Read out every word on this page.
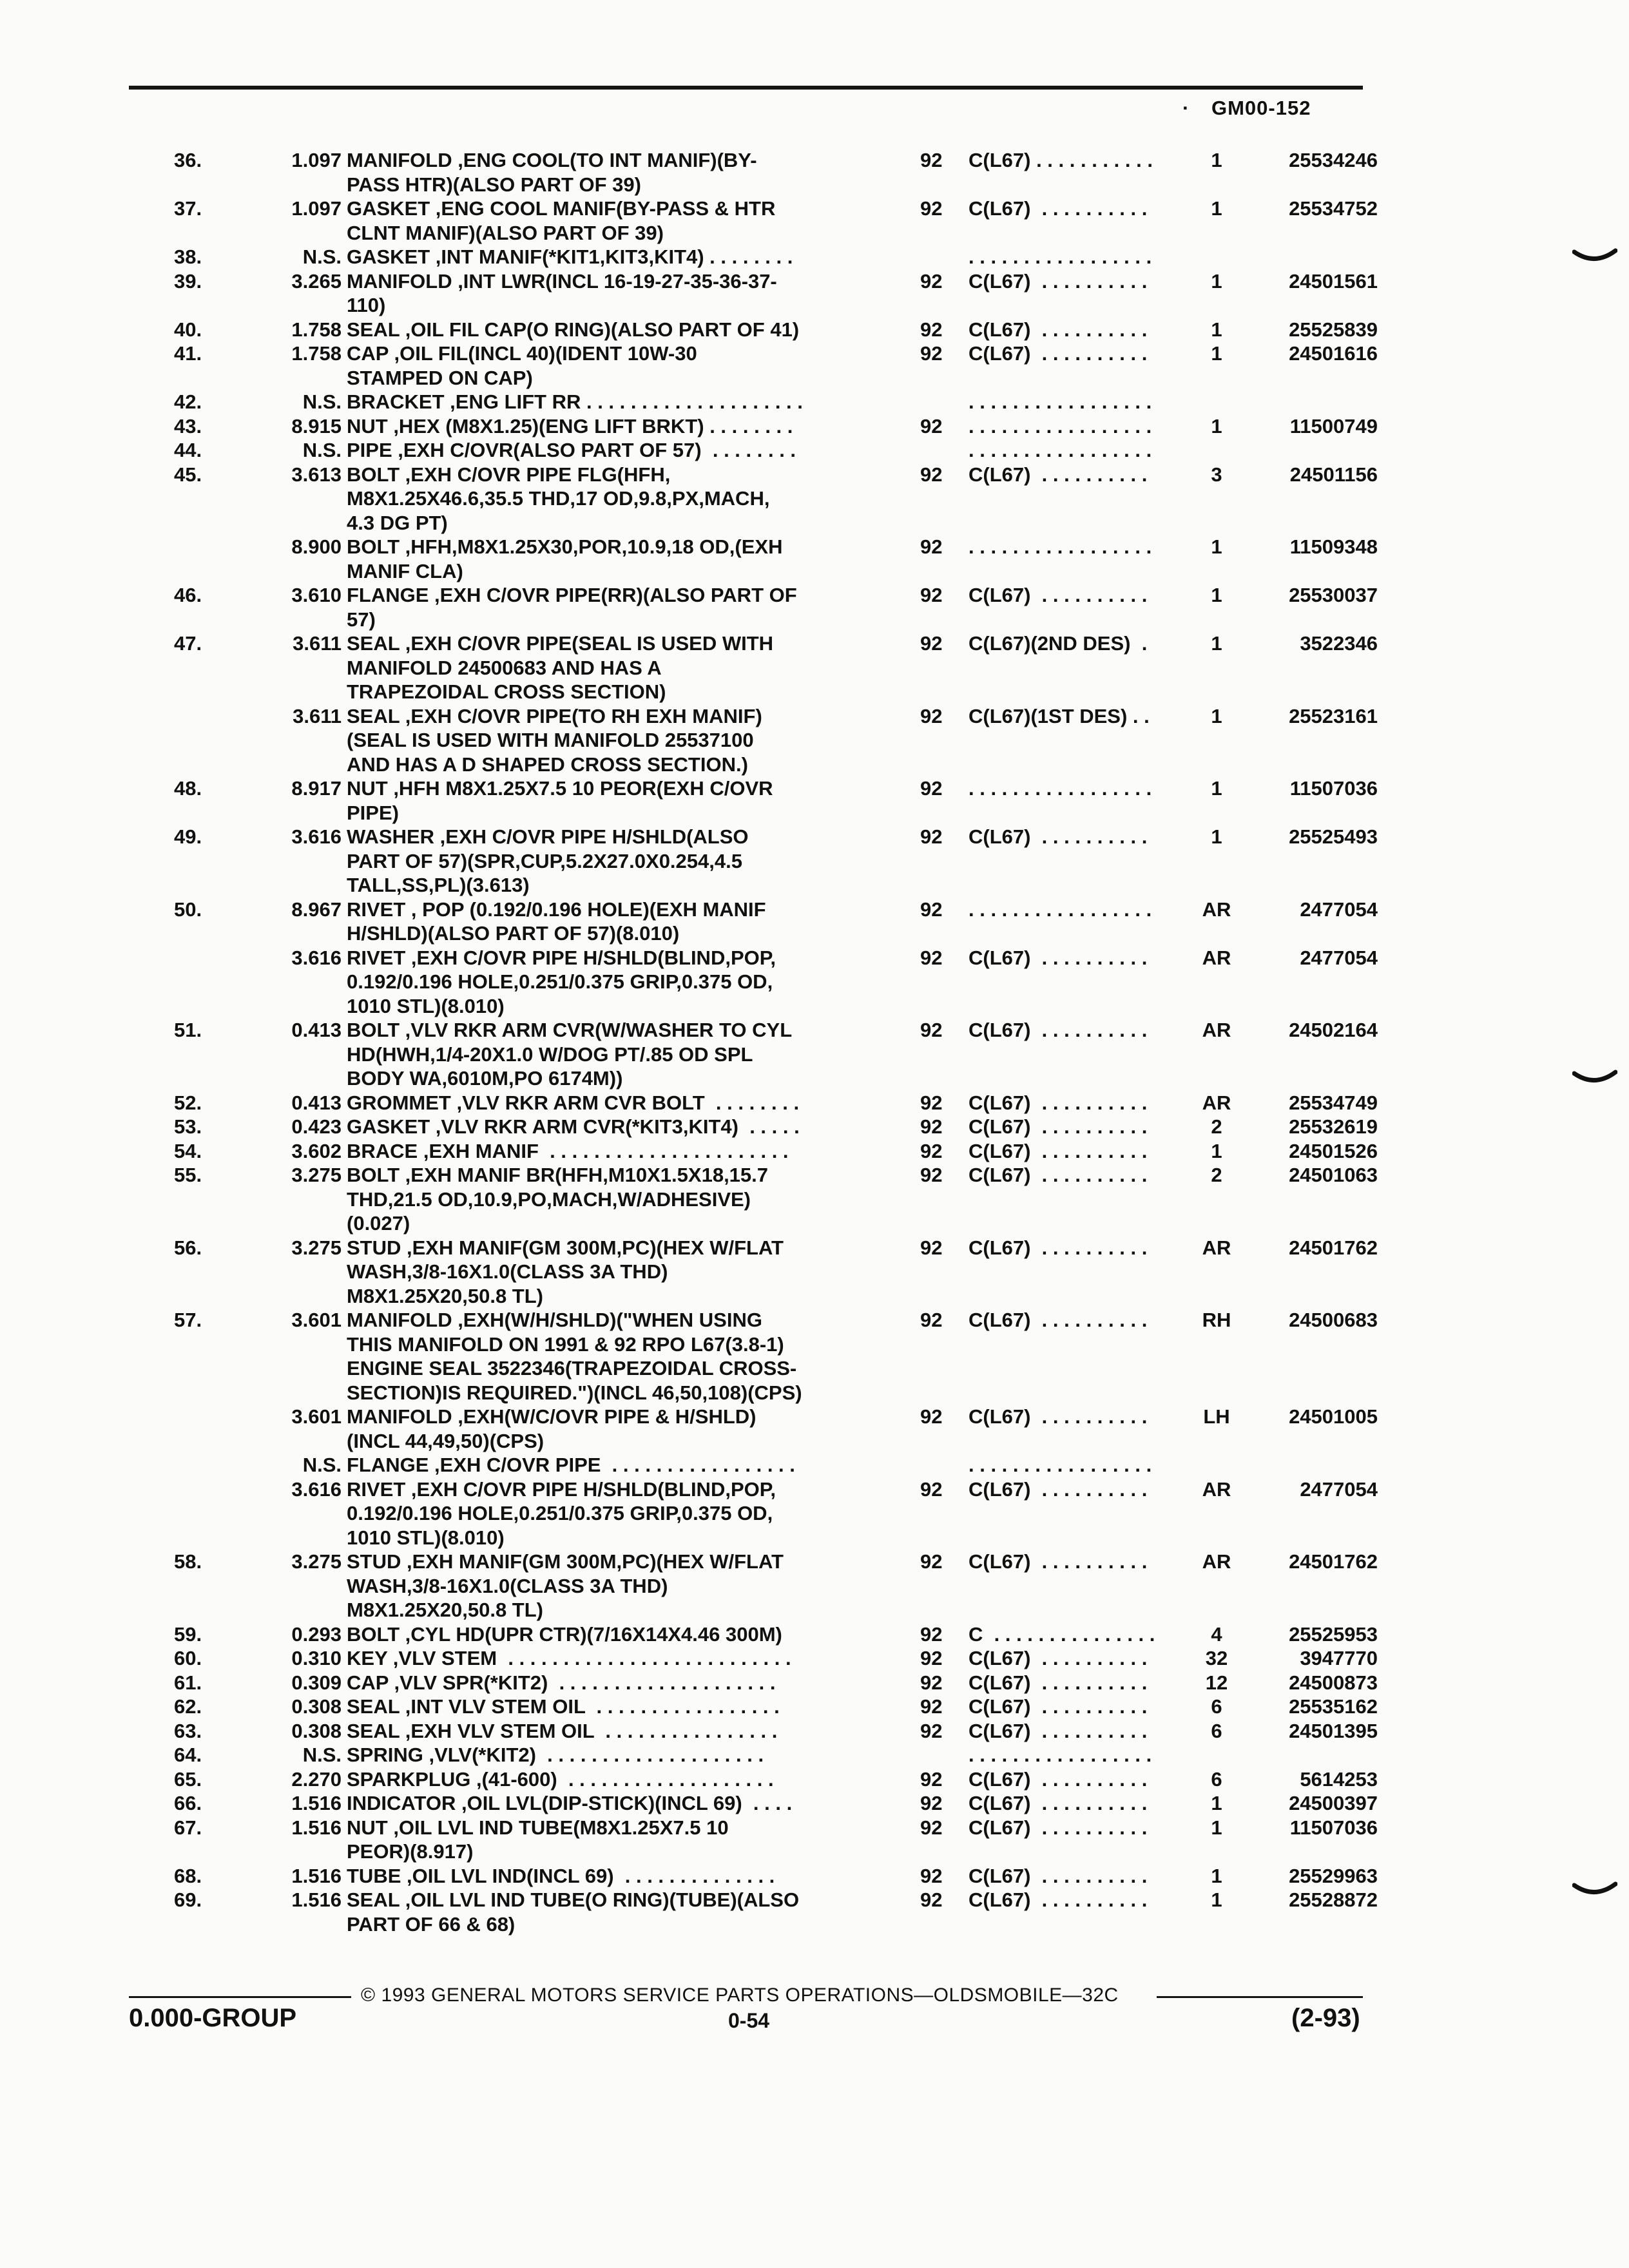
· GM00-152
36.	1.097 MANIFOLD ,ENG COOL(TO INT MANIF)(BY-
PASS HTR)(ALSO PART OF 39)
92 C(L67) . . . . . . . . . . .	1	25534246
37.	1.097 GASKET ,ENG COOL MANIF(BY-PASS & HTR
CLNT MANIF)(ALSO PART OF 39)
92 C(L67)  . . . . . . . . . .	1	25534752
38.	N.S. GASKET ,INT MANIF(*KIT1,KIT3,KIT4) . . . . . . . .	. . . . . . . . . . . . . . . . .
39.	3.265 MANIFOLD ,INT LWR(INCL 16-19-27-35-36-37-
110)
92 C(L67)  . . . . . . . . . .	1	24501561
40.	1.758 SEAL ,OIL FIL CAP(O RING)(ALSO PART OF 41)	92 C(L67)  . . . . . . . . . .	1	25525839
41.	1.758 CAP ,OIL FIL(INCL 40)(IDENT 10W-30
STAMPED ON CAP)
92 C(L67)  . . . . . . . . . .	1	24501616
42.	N.S. BRACKET ,ENG LIFT RR . . . . . . . . . . . . . . . . . . . .	. . . . . . . . . . . . . . . . .
43.	8.915 NUT ,HEX (M8X1.25)(ENG LIFT BRKT) . . . . . . . .	92 . . . . . . . . . . . . . . . . .	1	11500749
44.	N.S. PIPE ,EXH C/OVR(ALSO PART OF 57)  . . . . . . . .	. . . . . . . . . . . . . . . . .
45.	3.613 BOLT ,EXH C/OVR PIPE FLG(HFH,
M8X1.25X46.6,35.5 THD,17 OD,9.8,PX,MACH,
4.3 DG PT)
92 C(L67)  . . . . . . . . . .	3	24501156
8.900 BOLT ,HFH,M8X1.25X30,POR,10.9,18 OD,(EXH
MANIF CLA)
92 . . . . . . . . . . . . . . . . .	1	11509348
46.	3.610 FLANGE ,EXH C/OVR PIPE(RR)(ALSO PART OF
57)
92 C(L67)  . . . . . . . . . .	1	25530037
47.	3.611 SEAL ,EXH C/OVR PIPE(SEAL IS USED WITH
MANIFOLD 24500683 AND HAS A
TRAPEZOIDAL CROSS SECTION)
92 C(L67)(2ND DES)  .	1	3522346
3.611 SEAL ,EXH C/OVR PIPE(TO RH EXH MANIF)
(SEAL IS USED WITH MANIFOLD 25537100
AND HAS A D SHAPED CROSS SECTION.)
92 C(L67)(1ST DES) . .	1	25523161
48.	8.917 NUT ,HFH M8X1.25X7.5 10 PEOR(EXH C/OVR
PIPE)
92 . . . . . . . . . . . . . . . . .	1	11507036
49.	3.616 WASHER ,EXH C/OVR PIPE H/SHLD(ALSO
PART OF 57)(SPR,CUP,5.2X27.0X0.254,4.5
TALL,SS,PL)(3.613)
92 C(L67)  . . . . . . . . . .	1	25525493
50.	8.967 RIVET , POP (0.192/0.196 HOLE)(EXH MANIF
H/SHLD)(ALSO PART OF 57)(8.010)
92 . . . . . . . . . . . . . . . . .	AR	2477054
3.616 RIVET ,EXH C/OVR PIPE H/SHLD(BLIND,POP,
0.192/0.196 HOLE,0.251/0.375 GRIP,0.375 OD,
1010 STL)(8.010)
92 C(L67)  . . . . . . . . . .	AR	2477054
51.	0.413 BOLT ,VLV RKR ARM CVR(W/WASHER TO CYL
HD(HWH,1/4-20X1.0 W/DOG PT/.85 OD SPL
BODY WA,6010M,PO 6174M))
92 C(L67)  . . . . . . . . . .	AR	24502164
52.	0.413 GROMMET ,VLV RKR ARM CVR BOLT  . . . . . . . .	92 C(L67)  . . . . . . . . . .	AR	25534749
53.	0.423 GASKET ,VLV RKR ARM CVR(*KIT3,KIT4)  . . . . .	92 C(L67)  . . . . . . . . . .	2	25532619
54.	3.602 BRACE ,EXH MANIF  . . . . . . . . . . . . . . . . . . . . . .	92 C(L67)  . . . . . . . . . .	1	24501526
55.	3.275 BOLT ,EXH MANIF BR(HFH,M10X1.5X18,15.7
THD,21.5 OD,10.9,PO,MACH,W/ADHESIVE)
(0.027)
92 C(L67)  . . . . . . . . . .	2	24501063
56.	3.275 STUD ,EXH MANIF(GM 300M,PC)(HEX W/FLAT
WASH,3/8-16X1.0(CLASS 3A THD)
M8X1.25X20,50.8 TL)
92 C(L67)  . . . . . . . . . .	AR	24501762
57.	3.601 MANIFOLD ,EXH(W/H/SHLD)("WHEN USING
THIS MANIFOLD ON 1991 & 92 RPO L67(3.8-1)
ENGINE SEAL 3522346(TRAPEZOIDAL CROSS-
SECTION)IS REQUIRED.")(INCL 46,50,108)(CPS)
92 C(L67)  . . . . . . . . . .	RH	24500683
3.601 MANIFOLD ,EXH(W/C/OVR PIPE & H/SHLD)
(INCL 44,49,50)(CPS)
92 C(L67)  . . . . . . . . . .	LH	24501005
N.S. FLANGE ,EXH C/OVR PIPE  . . . . . . . . . . . . . . . . .	. . . . . . . . . . . . . . . . .
3.616 RIVET ,EXH C/OVR PIPE H/SHLD(BLIND,POP,
0.192/0.196 HOLE,0.251/0.375 GRIP,0.375 OD,
1010 STL)(8.010)
92 C(L67)  . . . . . . . . . .	AR	2477054
58.	3.275 STUD ,EXH MANIF(GM 300M,PC)(HEX W/FLAT
WASH,3/8-16X1.0(CLASS 3A THD)
M8X1.25X20,50.8 TL)
92 C(L67)  . . . . . . . . . .	AR	24501762
59.	0.293 BOLT ,CYL HD(UPR CTR)(7/16X14X4.46 300M)	92 C  . . . . . . . . . . . . . . .	4	25525953
60.	0.310 KEY ,VLV STEM  . . . . . . . . . . . . . . . . . . . . . . . . . .	92 C(L67)  . . . . . . . . . .	32	3947770
61.	0.309 CAP ,VLV SPR(*KIT2)  . . . . . . . . . . . . . . . . . . . .	92 C(L67)  . . . . . . . . . .	12	24500873
62.	0.308 SEAL ,INT VLV STEM OIL  . . . . . . . . . . . . . . . . .	92 C(L67)  . . . . . . . . . .	6	25535162
63.	0.308 SEAL ,EXH VLV STEM OIL  . . . . . . . . . . . . . . . .	92 C(L67)  . . . . . . . . . .	6	24501395
64.	N.S. SPRING ,VLV(*KIT2)  . . . . . . . . . . . . . . . . . . . .	. . . . . . . . . . . . . . . . .
65.	2.270 SPARKPLUG ,(41-600)  . . . . . . . . . . . . . . . . . . .	92 C(L67)  . . . . . . . . . .	6	5614253
66.	1.516 INDICATOR ,OIL LVL(DIP-STICK)(INCL 69)  . . . .	92 C(L67)  . . . . . . . . . .	1	24500397
67.	1.516 NUT ,OIL LVL IND TUBE(M8X1.25X7.5 10
PEOR)(8.917)
92 C(L67)  . . . . . . . . . .	1	11507036
68.	1.516 TUBE ,OIL LVL IND(INCL 69)  . . . . . . . . . . . . . .	92 C(L67)  . . . . . . . . . .	1	25529963
69.	1.516 SEAL ,OIL LVL IND TUBE(O RING)(TUBE)(ALSO
PART OF 66 & 68)
92 C(L67)  . . . . . . . . . .	1	25528872
© 1993 GENERAL MOTORS SERVICE PARTS OPERATIONS—OLDSMOBILE—32C
0.000-GROUP	0-54	(2-93)
